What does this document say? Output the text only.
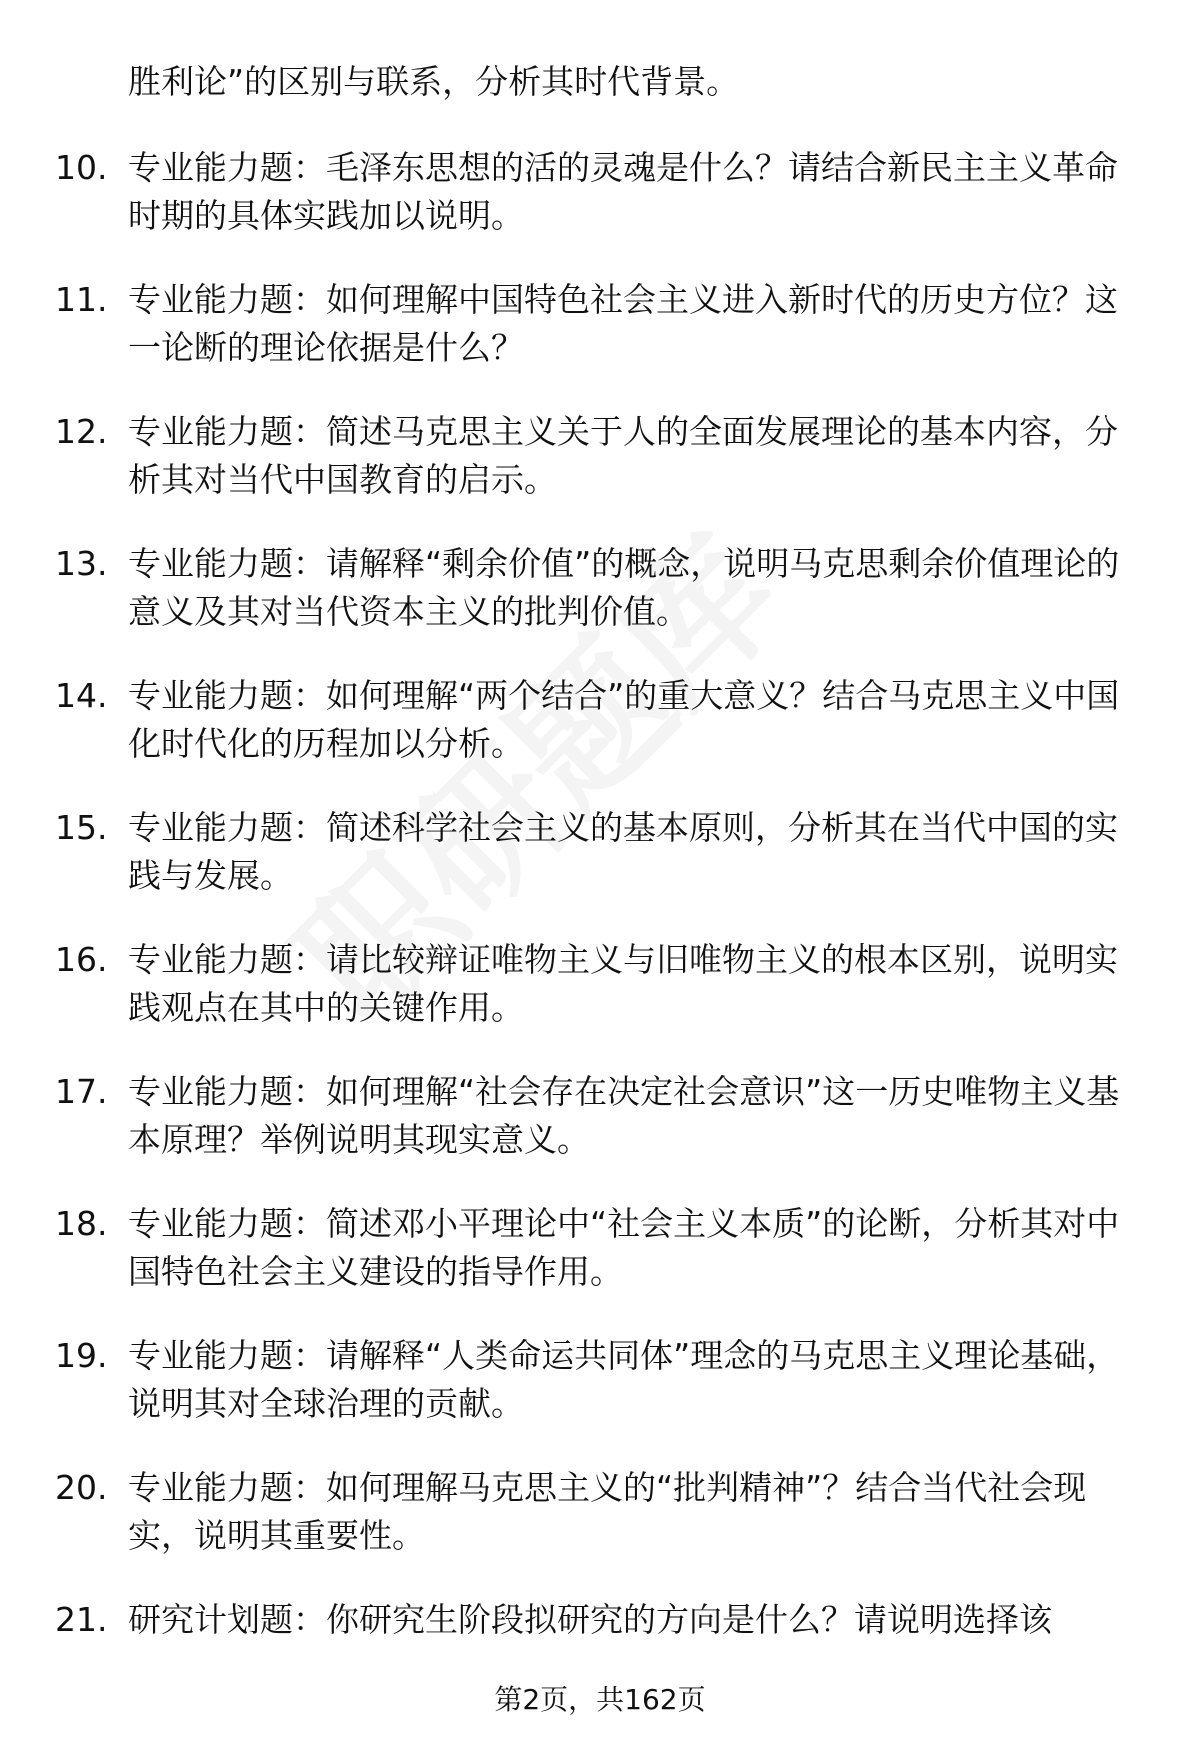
胜利论”的区别与联系，分析其时代背景。

10. 专业能力题：毛泽东思想的活的灵魂是什么？请结合新民主主义革命时期的具体实践加以说明。

11. 专业能力题：如何理解中国特色社会主义进入新时代的历史方位？这一论断的理论依据是什么？

12. 专业能力题：简述马克思主义关于人的全面发展理论的基本内容，分析其对当代中国教育的启示。

13. 专业能力题：请解释“剩余价值”的概念，说明马克思剩余价值理论的意义及其对当代资本主义的批判价值。

14. 专业能力题：如何理解“两个结合”的重大意义？结合马克思主义中国化时代化的历程加以分析。

15. 专业能力题：简述科学社会主义的基本原则，分析其在当代中国的实践与发展。

16. 专业能力题：请比较辩证唯物主义与旧唯物主义的根本区别，说明实践观点在其中的关键作用。

17. 专业能力题：如何理解“社会存在决定社会意识”这一历史唯物主义基本原理？举例说明其现实意义。

18. 专业能力题：简述邓小平理论中“社会主义本质”的论断，分析其对中国特色社会主义建设的指导作用。

19. 专业能力题：请解释“人类命运共同体”理念的马克思主义理论基础，说明其对全球治理的贡献。

20. 专业能力题：如何理解马克思主义的“批判精神”？结合当代社会现实，说明其重要性。

21. 研究计划题：你研究生阶段拟研究的方向是什么？请说明选择该

第2页，共162页
